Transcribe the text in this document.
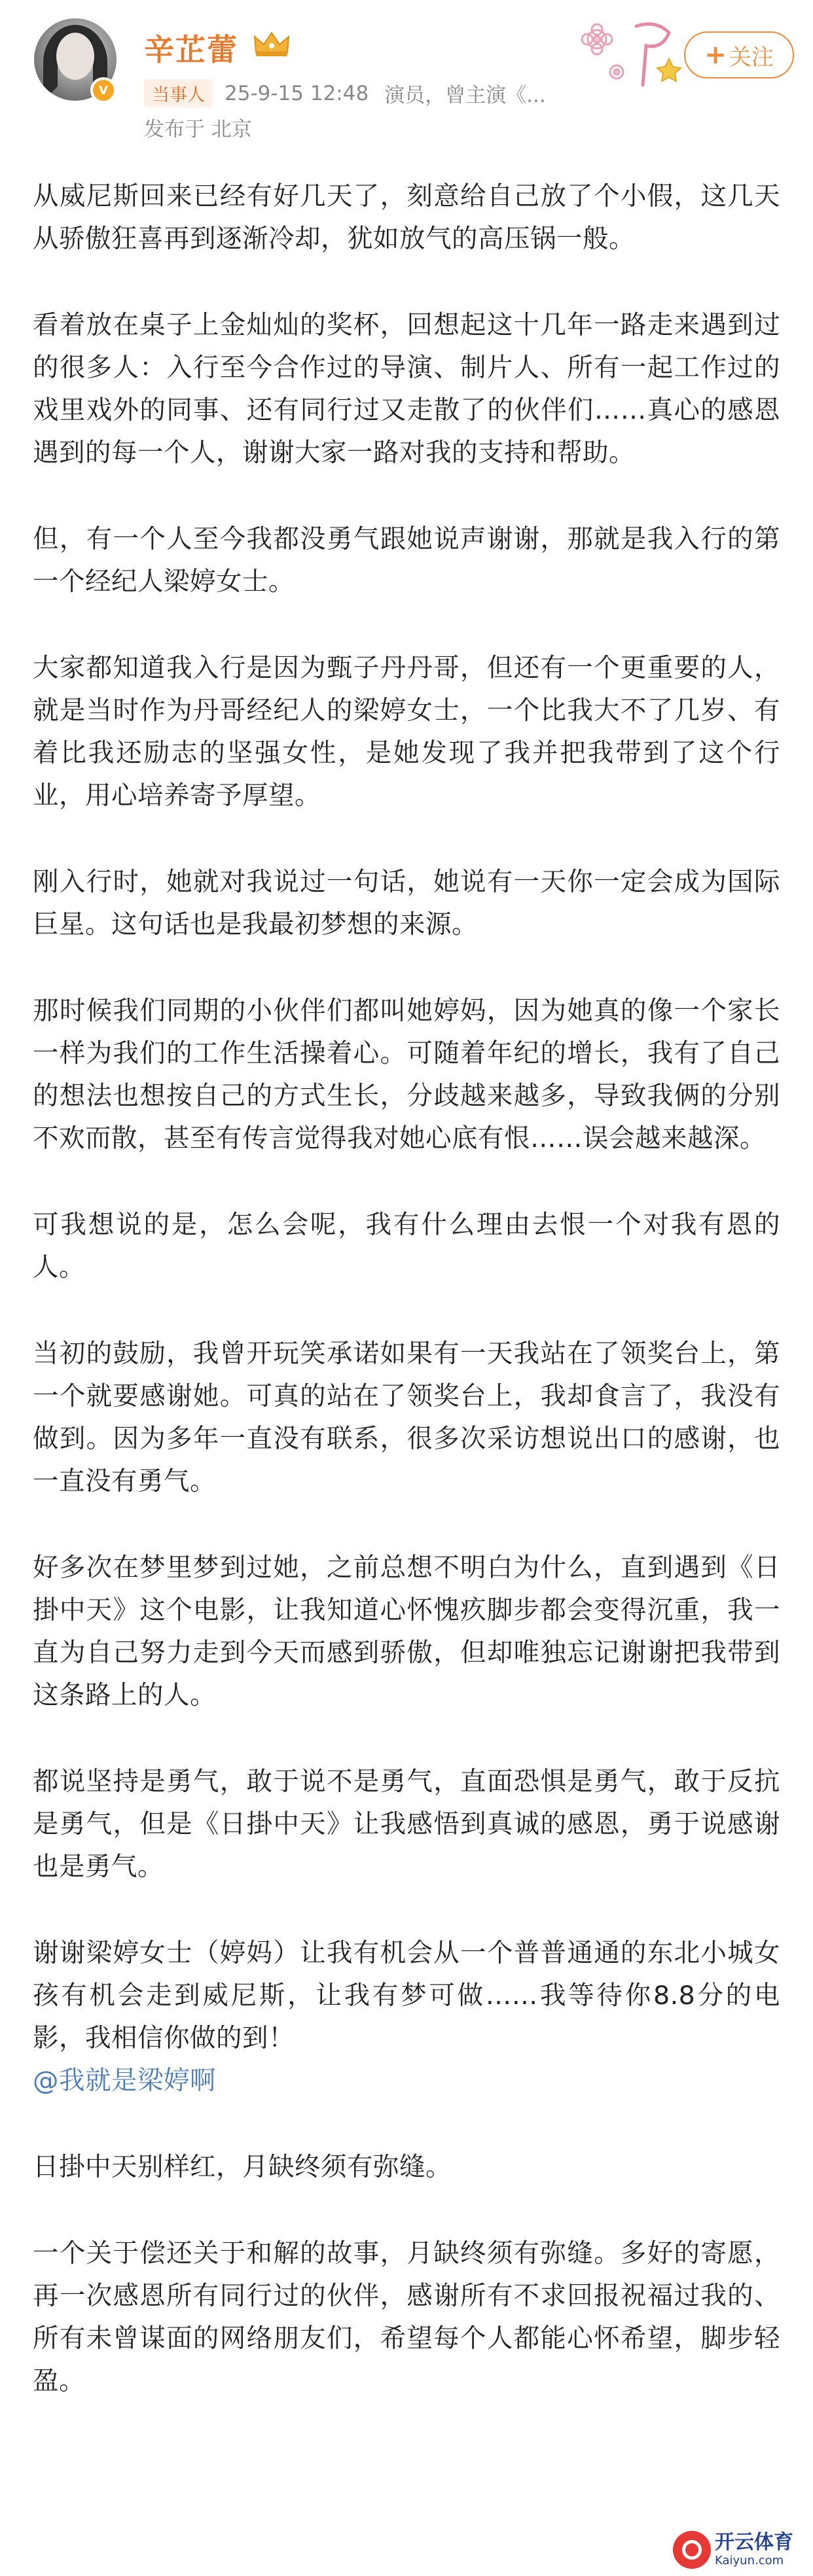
V
辛芷蕾
当事人 25-9-15 12:48 演员，曾主演《...
发布于 北京
+ 关注

从威尼斯回来已经有好几天了，刻意给自己放了个小假，这几天从骄傲狂喜再到逐渐冷却，犹如放气的高压锅一般。

看着放在桌子上金灿灿的奖杯，回想起这十几年一路走来遇到过的很多人：入行至今合作过的导演、制片人、所有一起工作过的戏里戏外的同事、还有同行过又走散了的伙伴们……真心的感恩遇到的每一个人，谢谢大家一路对我的支持和帮助。

但，有一个人至今我都没勇气跟她说声谢谢，那就是我入行的第一个经纪人梁婷女士。

大家都知道我入行是因为甄子丹丹哥，但还有一个更重要的人，就是当时作为丹哥经纪人的梁婷女士，一个比我大不了几岁、有着比我还励志的坚强女性，是她发现了我并把我带到了这个行业，用心培养寄予厚望。

刚入行时，她就对我说过一句话，她说有一天你一定会成为国际巨星。这句话也是我最初梦想的来源。

那时候我们同期的小伙伴们都叫她婷妈，因为她真的像一个家长一样为我们的工作生活操着心。可随着年纪的增长，我有了自己的想法也想按自己的方式生长，分歧越来越多，导致我俩的分别不欢而散，甚至有传言觉得我对她心底有恨……误会越来越深。

可我想说的是，怎么会呢，我有什么理由去恨一个对我有恩的人。

当初的鼓励，我曾开玩笑承诺如果有一天我站在了领奖台上，第一个就要感谢她。可真的站在了领奖台上，我却食言了，我没有做到。因为多年一直没有联系，很多次采访想说出口的感谢，也一直没有勇气。

好多次在梦里梦到过她，之前总想不明白为什么，直到遇到《日掛中天》这个电影，让我知道心怀愧疚脚步都会变得沉重，我一直为自己努力走到今天而感到骄傲，但却唯独忘记谢谢把我带到这条路上的人。

都说坚持是勇气，敢于说不是勇气，直面恐惧是勇气，敢于反抗是勇气，但是《日掛中天》让我感悟到真诚的感恩，勇于说感谢也是勇气。

谢谢梁婷女士（婷妈）让我有机会从一个普普通通的东北小城女孩有机会走到威尼斯，让我有梦可做……我等待你8.8分的电影，我相信你做的到！

@我就是梁婷啊

日掛中天别样红，月缺终须有弥缝。

一个关于偿还关于和解的故事，月缺终须有弥缝。多好的寄愿，再一次感恩所有同行过的伙伴，感谢所有不求回报祝福过我的、所有未曾谋面的网络朋友们，希望每个人都能心怀希望，脚步轻盈。

开云体育
Kaiyun.com
